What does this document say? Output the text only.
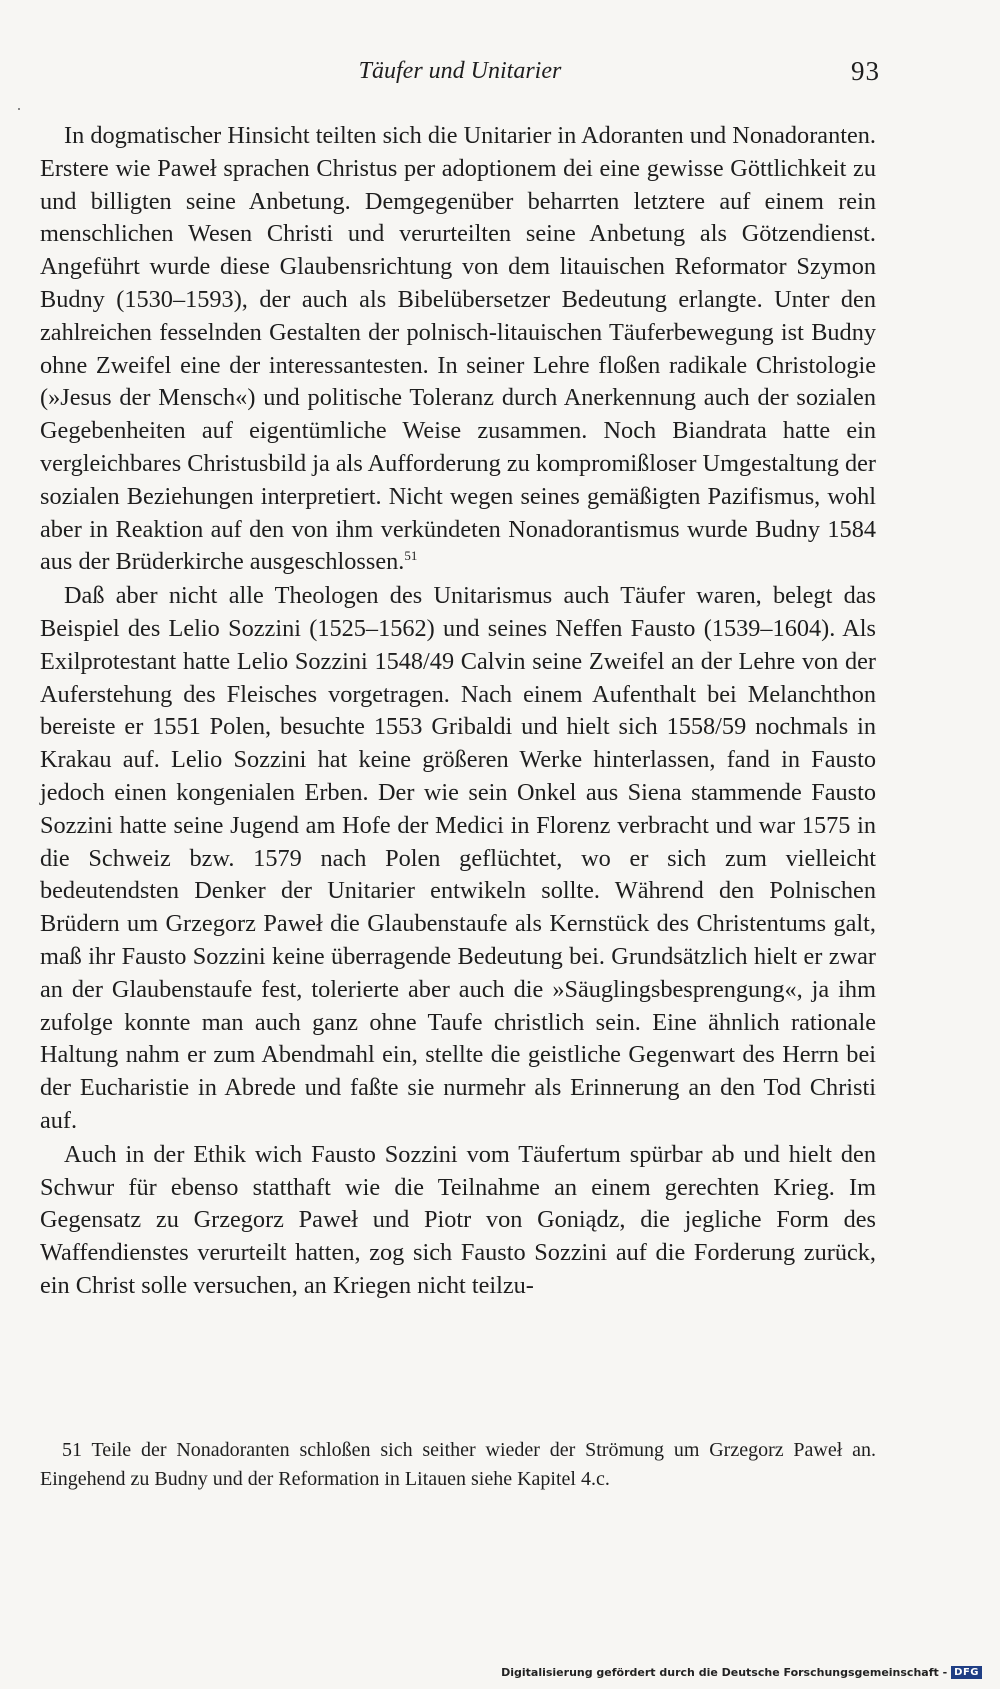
Täufer und Unitarier	93

In dogmatischer Hinsicht teilten sich die Unitarier in Adoranten und Nonadoranten. Erstere wie Paweł sprachen Christus per adoptionem dei eine gewisse Göttlichkeit zu und billigten seine Anbetung. Demgegenüber beharrten letztere auf einem rein menschlichen Wesen Christi und verurteilten seine Anbetung als Götzendienst. Angeführt wurde diese Glaubensrichtung von dem litauischen Reformator Szymon Budny (1530–1593), der auch als Bibelübersetzer Bedeutung erlangte. Unter den zahlreichen fesselnden Gestalten der polnisch-litauischen Täuferbewegung ist Budny ohne Zweifel eine der interessantesten. In seiner Lehre floßen radikale Christologie (»Jesus der Mensch«) und politische Toleranz durch Anerkennung auch der sozialen Gegebenheiten auf eigentümliche Weise zusammen. Noch Biandrata hatte ein vergleichbares Christusbild ja als Aufforderung zu kompromißloser Umgestaltung der sozialen Beziehungen interpretiert. Nicht wegen seines gemäßigten Pazifismus, wohl aber in Reaktion auf den von ihm verkündeten Nonadorantismus wurde Budny 1584 aus der Brüderkirche ausgeschlossen.$^{51}$

Daß aber nicht alle Theologen des Unitarismus auch Täufer waren, belegt das Beispiel des Lelio Sozzini (1525–1562) und seines Neffen Fausto (1539–1604). Als Exilprotestant hatte Lelio Sozzini 1548/49 Calvin seine Zweifel an der Lehre von der Auferstehung des Fleisches vorgetragen. Nach einem Aufenthalt bei Melanchthon bereiste er 1551 Polen, besuchte 1553 Gribaldi und hielt sich 1558/59 nochmals in Krakau auf. Lelio Sozzini hat keine größeren Werke hinterlassen, fand in Fausto jedoch einen kongenialen Erben. Der wie sein Onkel aus Siena stammende Fausto Sozzini hatte seine Jugend am Hofe der Medici in Florenz verbracht und war 1575 in die Schweiz bzw. 1579 nach Polen geflüchtet, wo er sich zum vielleicht bedeutendsten Denker der Unitarier entwikeln sollte. Während den Polnischen Brüdern um Grzegorz Paweł die Glaubenstaufe als Kernstück des Christentums galt, maß ihr Fausto Sozzini keine überragende Bedeutung bei. Grundsätzlich hielt er zwar an der Glaubenstaufe fest, tolerierte aber auch die »Säuglingsbesprengung«, ja ihm zufolge konnte man auch ganz ohne Taufe christlich sein. Eine ähnlich rationale Haltung nahm er zum Abendmahl ein, stellte die geistliche Gegenwart des Herrn bei der Eucharistie in Abrede und faßte sie nurmehr als Erinnerung an den Tod Christi auf.

Auch in der Ethik wich Fausto Sozzini vom Täufertum spürbar ab und hielt den Schwur für ebenso statthaft wie die Teilnahme an einem gerechten Krieg. Im Gegensatz zu Grzegorz Paweł und Piotr von Goniądz, die jegliche Form des Waffendienstes verurteilt hatten, zog sich Fausto Sozzini auf die Forderung zurück, ein Christ solle versuchen, an Kriegen nicht teilzu-

51 Teile der Nonadoranten schloßen sich seither wieder der Strömung um Grzegorz Paweł an. Eingehend zu Budny und der Reformation in Litauen siehe Kapitel 4.c.
Digitalisierung gefördert durch die Deutsche Forschungsgemeinschaft - DFG
